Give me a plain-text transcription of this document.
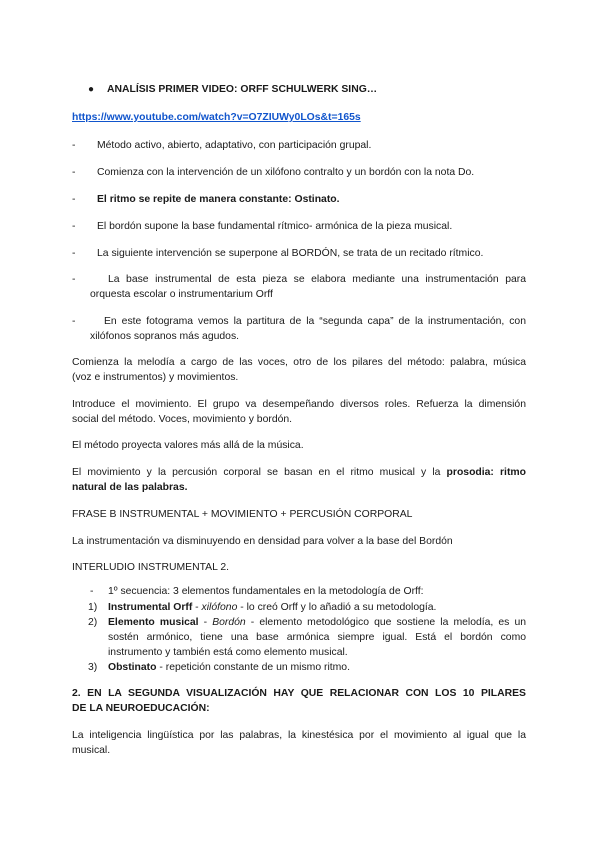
● ANALÍSIS PRIMER VIDEO: ORFF SCHULWERK SING…
https://www.youtube.com/watch?v=O7ZIUWy0LOs&t=165s
- Método activo, abierto, adaptativo, con participación grupal.
- Comienza con la intervención de un xilófono contralto y un bordón con la nota Do.
- El ritmo se repite de manera constante: Ostinato.
- El bordón supone la base fundamental rítmico- armónica de la pieza musical.
- La siguiente intervención se superpone al BORDÓN, se trata de un recitado rítmico.
-	La base instrumental de esta pieza se elabora mediante una instrumentación para
orquesta escolar o instrumentarium Orff
-	En este fotograma vemos la partitura de la “segunda capa” de la instrumentación, con
xilófonos sopranos más agudos.
Comienza la melodía a cargo de las voces, otro de los pilares del método: palabra, música
(voz e instrumentos) y movimientos.
Introduce el movimiento. El grupo va desempeñando diversos roles. Refuerza la dimensión
social del método. Voces, movimiento y bordón.
El método proyecta valores más allá de la música.
El movimiento y la percusión corporal se basan en el ritmo musical y la prosodia: ritmo
natural de las palabras.
FRASE B INSTRUMENTAL + MOVIMIENTO + PERCUSIÓN CORPORAL
La instrumentación va disminuyendo en densidad para volver a la base del Bordón
INTERLUDIO INSTRUMENTAL 2.
- 1º secuencia: 3 elementos fundamentales en la metodología de Orff:
1) Instrumental Orff - xilófono - lo creó Orff y lo añadió a su metodología.
2) Elemento musical - Bordón - elemento metodológico que sostiene la melodía, es un
sostén armónico, tiene una base armónica siempre igual. Está el bordón como
instrumento y también está como elemento musical.
3) Obstinato - repetición constante de un mismo ritmo.
2. EN LA SEGUNDA VISUALIZACIÓN HAY QUE RELACIONAR CON LOS 10 PILARES
DE LA NEUROEDUCACIÓN:
La inteligencia lingüística por las palabras, la kinestésica por el movimiento al igual que la
musical.
